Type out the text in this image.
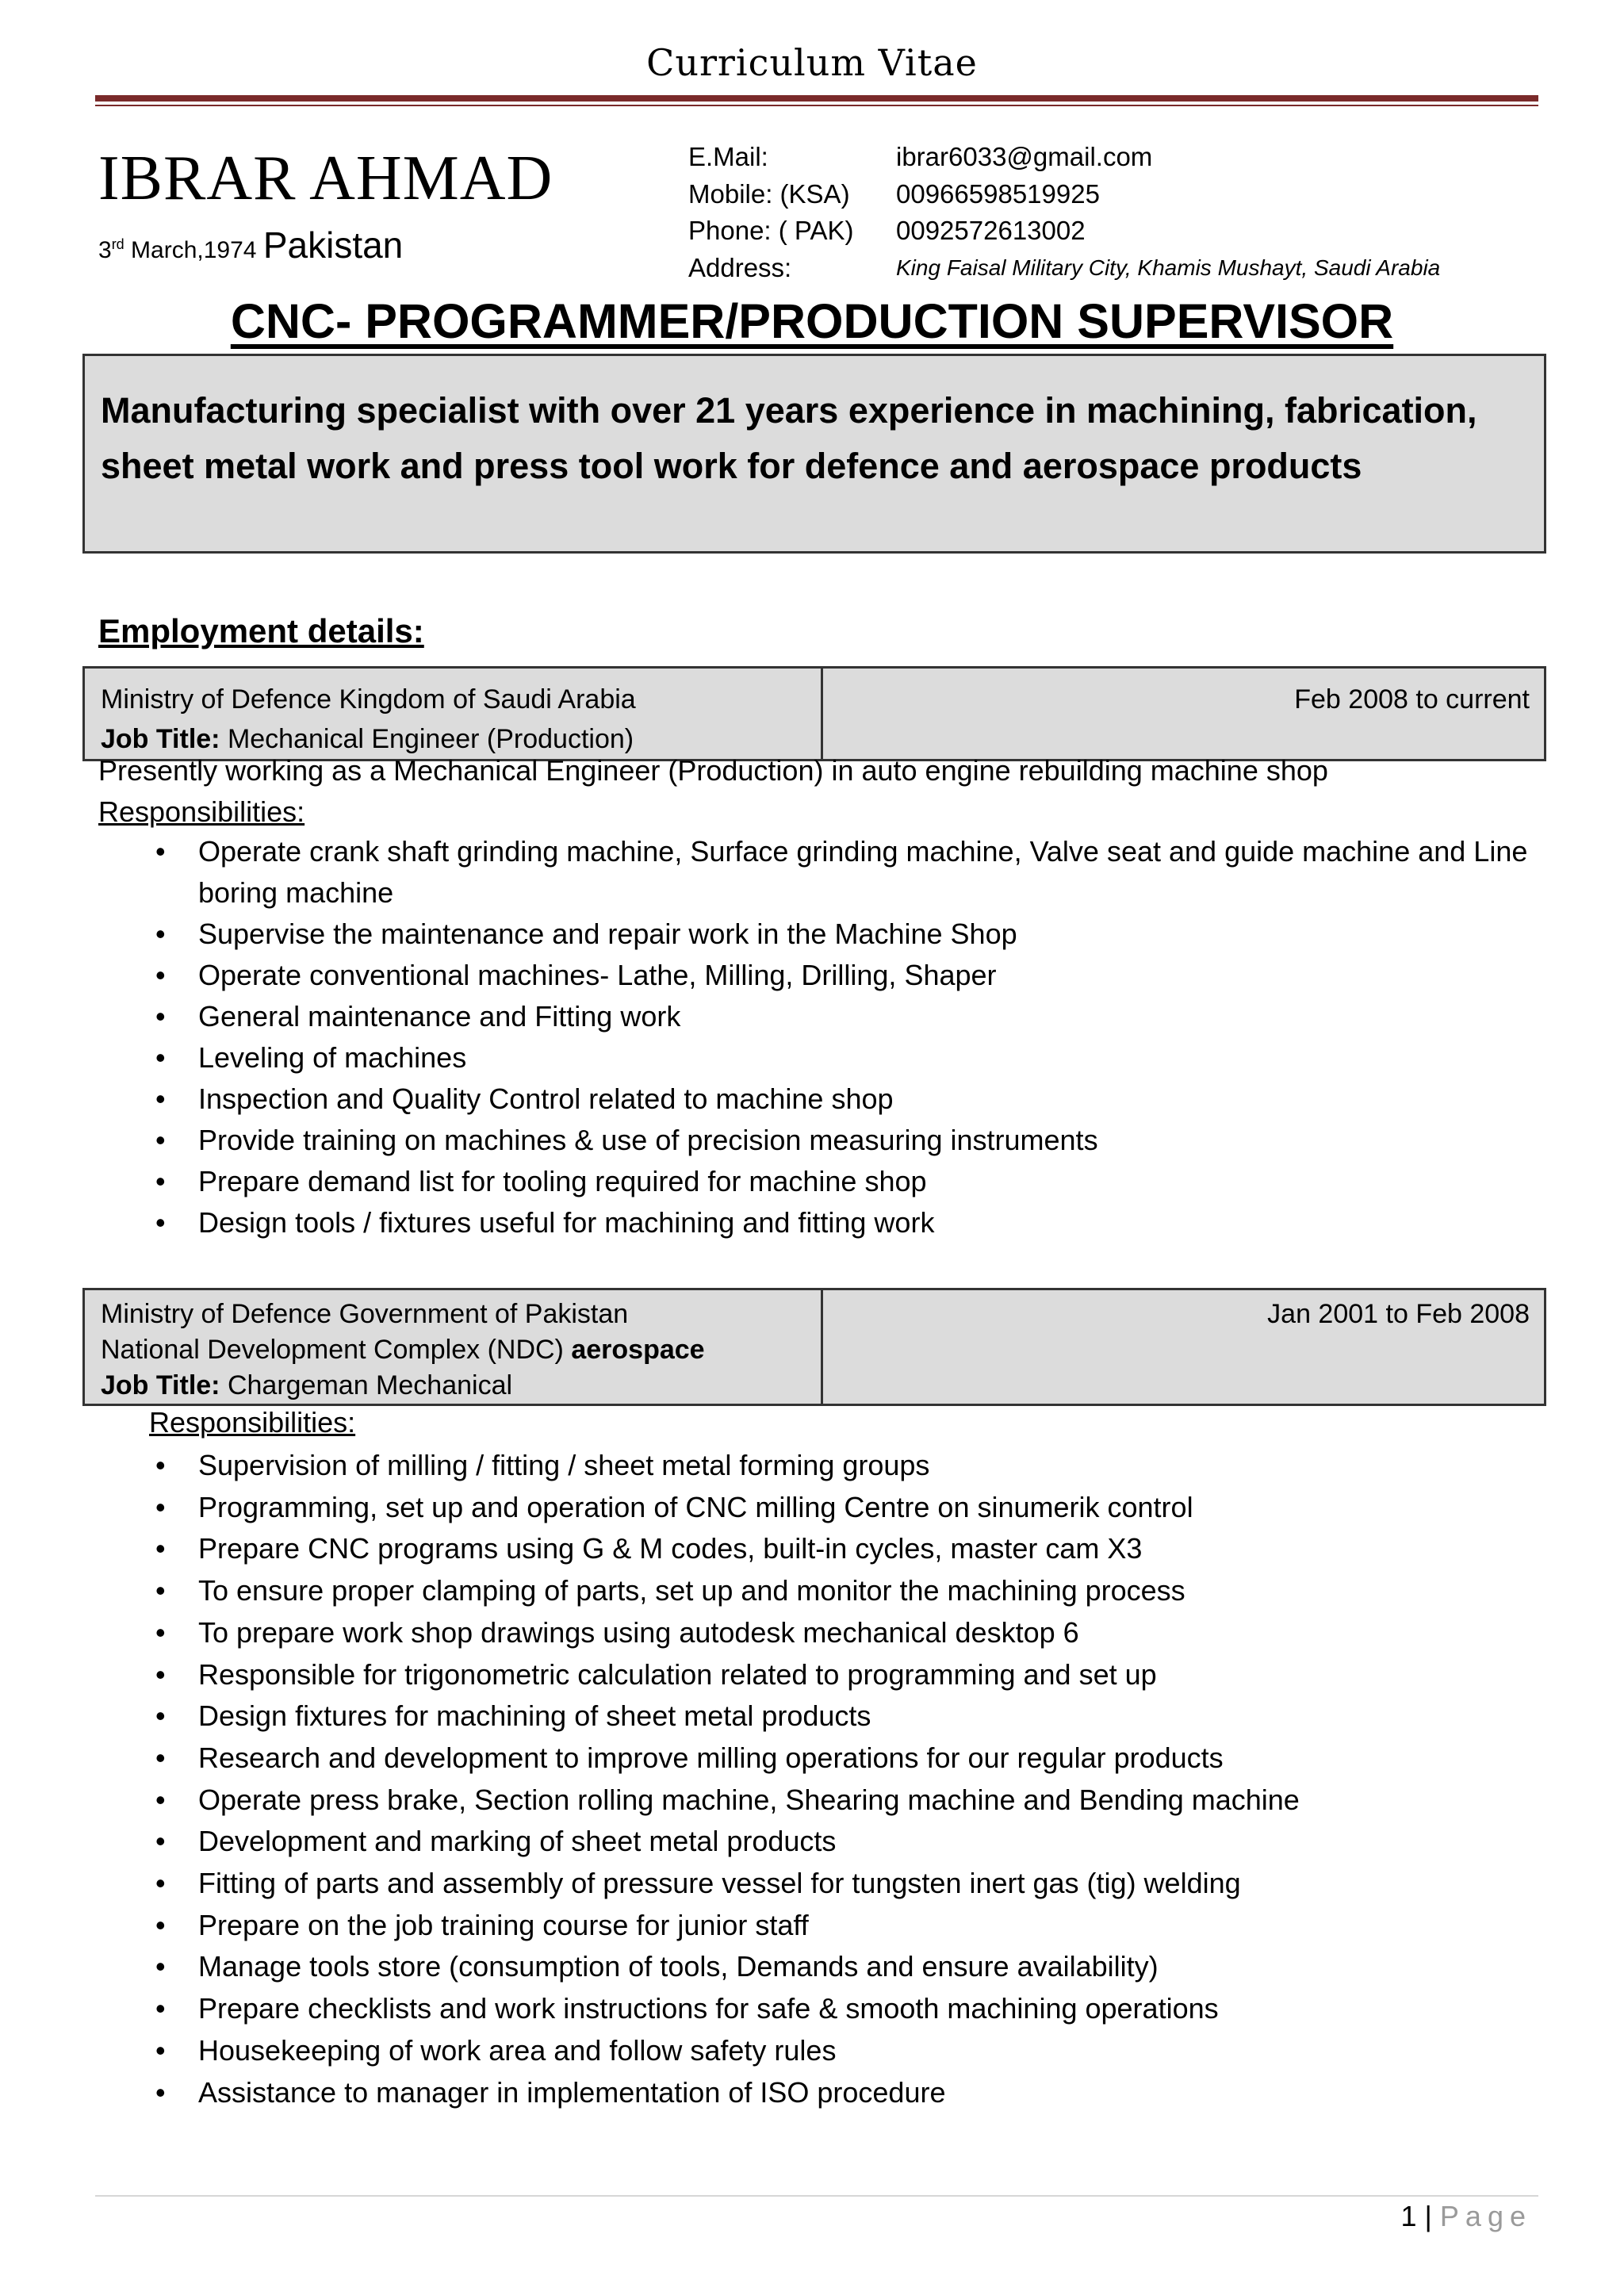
Curriculum Vitae
IBRAR AHMAD
3rd March,1974 Pakistan
E.Mail:	ibrar6033@gmail.com
Mobile: (KSA)	00966598519925
Phone: ( PAK)	0092572613002
Address:	King Faisal Military City, Khamis Mushayt, Saudi Arabia
CNC- PROGRAMMER/PRODUCTION SUPERVISOR
Manufacturing specialist with over 21 years experience in machining, fabrication, sheet metal work and press tool work for defence and aerospace products
Employment details:
Ministry of Defence Kingdom of Saudi Arabia
Job Title: Mechanical Engineer (Production)
	Feb 2008 to current
Presently working as a Mechanical Engineer (Production) in auto engine rebuilding machine shop
Responsibilities:
• Operate crank shaft grinding machine, Surface grinding machine, Valve seat and guide machine and Line boring machine
• Supervise the maintenance and repair work in the Machine Shop
• Operate conventional machines- Lathe, Milling, Drilling, Shaper
• General maintenance and Fitting work
• Leveling of machines
• Inspection and Quality Control related to machine shop
• Provide training on machines & use of precision measuring instruments
• Prepare demand list for tooling required for machine shop
• Design tools / fixtures useful for machining and fitting work
Ministry of Defence Government of Pakistan
National Development Complex (NDC) aerospace
Job Title: Chargeman Mechanical
	Jan 2001 to Feb 2008
Responsibilities:
• Supervision of milling / fitting / sheet metal forming groups
• Programming, set up and operation of CNC milling Centre on sinumerik control
• Prepare CNC programs using G & M codes, built-in cycles, master cam X3
• To ensure proper clamping of parts, set up and monitor the machining process
• To prepare work shop drawings using autodesk mechanical desktop 6
• Responsible for trigonometric calculation related to programming and set up
• Design fixtures for machining of sheet metal products
• Research and development to improve milling operations for our regular products
• Operate press brake, Section rolling machine, Shearing machine and Bending machine
• Development and marking of sheet metal products
• Fitting of parts and assembly of pressure vessel for tungsten inert gas (tig) welding
• Prepare on the job training course for junior staff
• Manage tools store (consumption of tools, Demands and ensure availability)
• Prepare checklists and work instructions for safe & smooth machining operations
• Housekeeping of work area and follow safety rules
• Assistance to manager in implementation of ISO procedure
1 | Page
